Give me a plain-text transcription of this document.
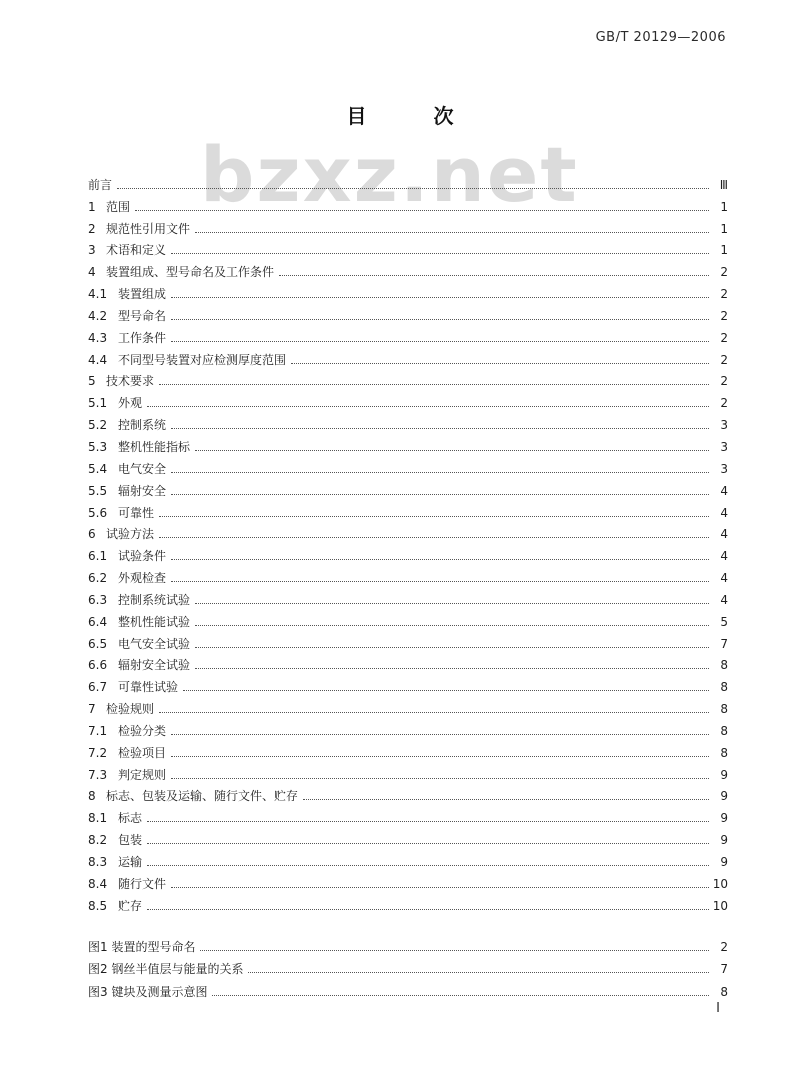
GB/T 20129—2006
bzxz.net
目 次
前言	Ⅲ
1 范围	1
2 规范性引用文件	1
3 术语和定义	1
4 装置组成、型号命名及工作条件	2
4.1 装置组成	2
4.2 型号命名	2
4.3 工作条件	2
4.4 不同型号装置对应检测厚度范围	2
5 技术要求	2
5.1 外观	2
5.2 控制系统	3
5.3 整机性能指标	3
5.4 电气安全	3
5.5 辐射安全	4
5.6 可靠性	4
6 试验方法	4
6.1 试验条件	4
6.2 外观检查	4
6.3 控制系统试验	4
6.4 整机性能试验	5
6.5 电气安全试验	7
6.6 辐射安全试验	8
6.7 可靠性试验	8
7 检验规则	8
7.1 检验分类	8
7.2 检验项目	8
7.3 判定规则	9
8 标志、包装及运输、随行文件、贮存	9
8.1 标志	9
8.2 包装	9
8.3 运输	9
8.4 随行文件	10
8.5 贮存	10
图1 装置的型号命名	2
图2 钢丝半值层与能量的关系	7
图3 键块及测量示意图	8
I
